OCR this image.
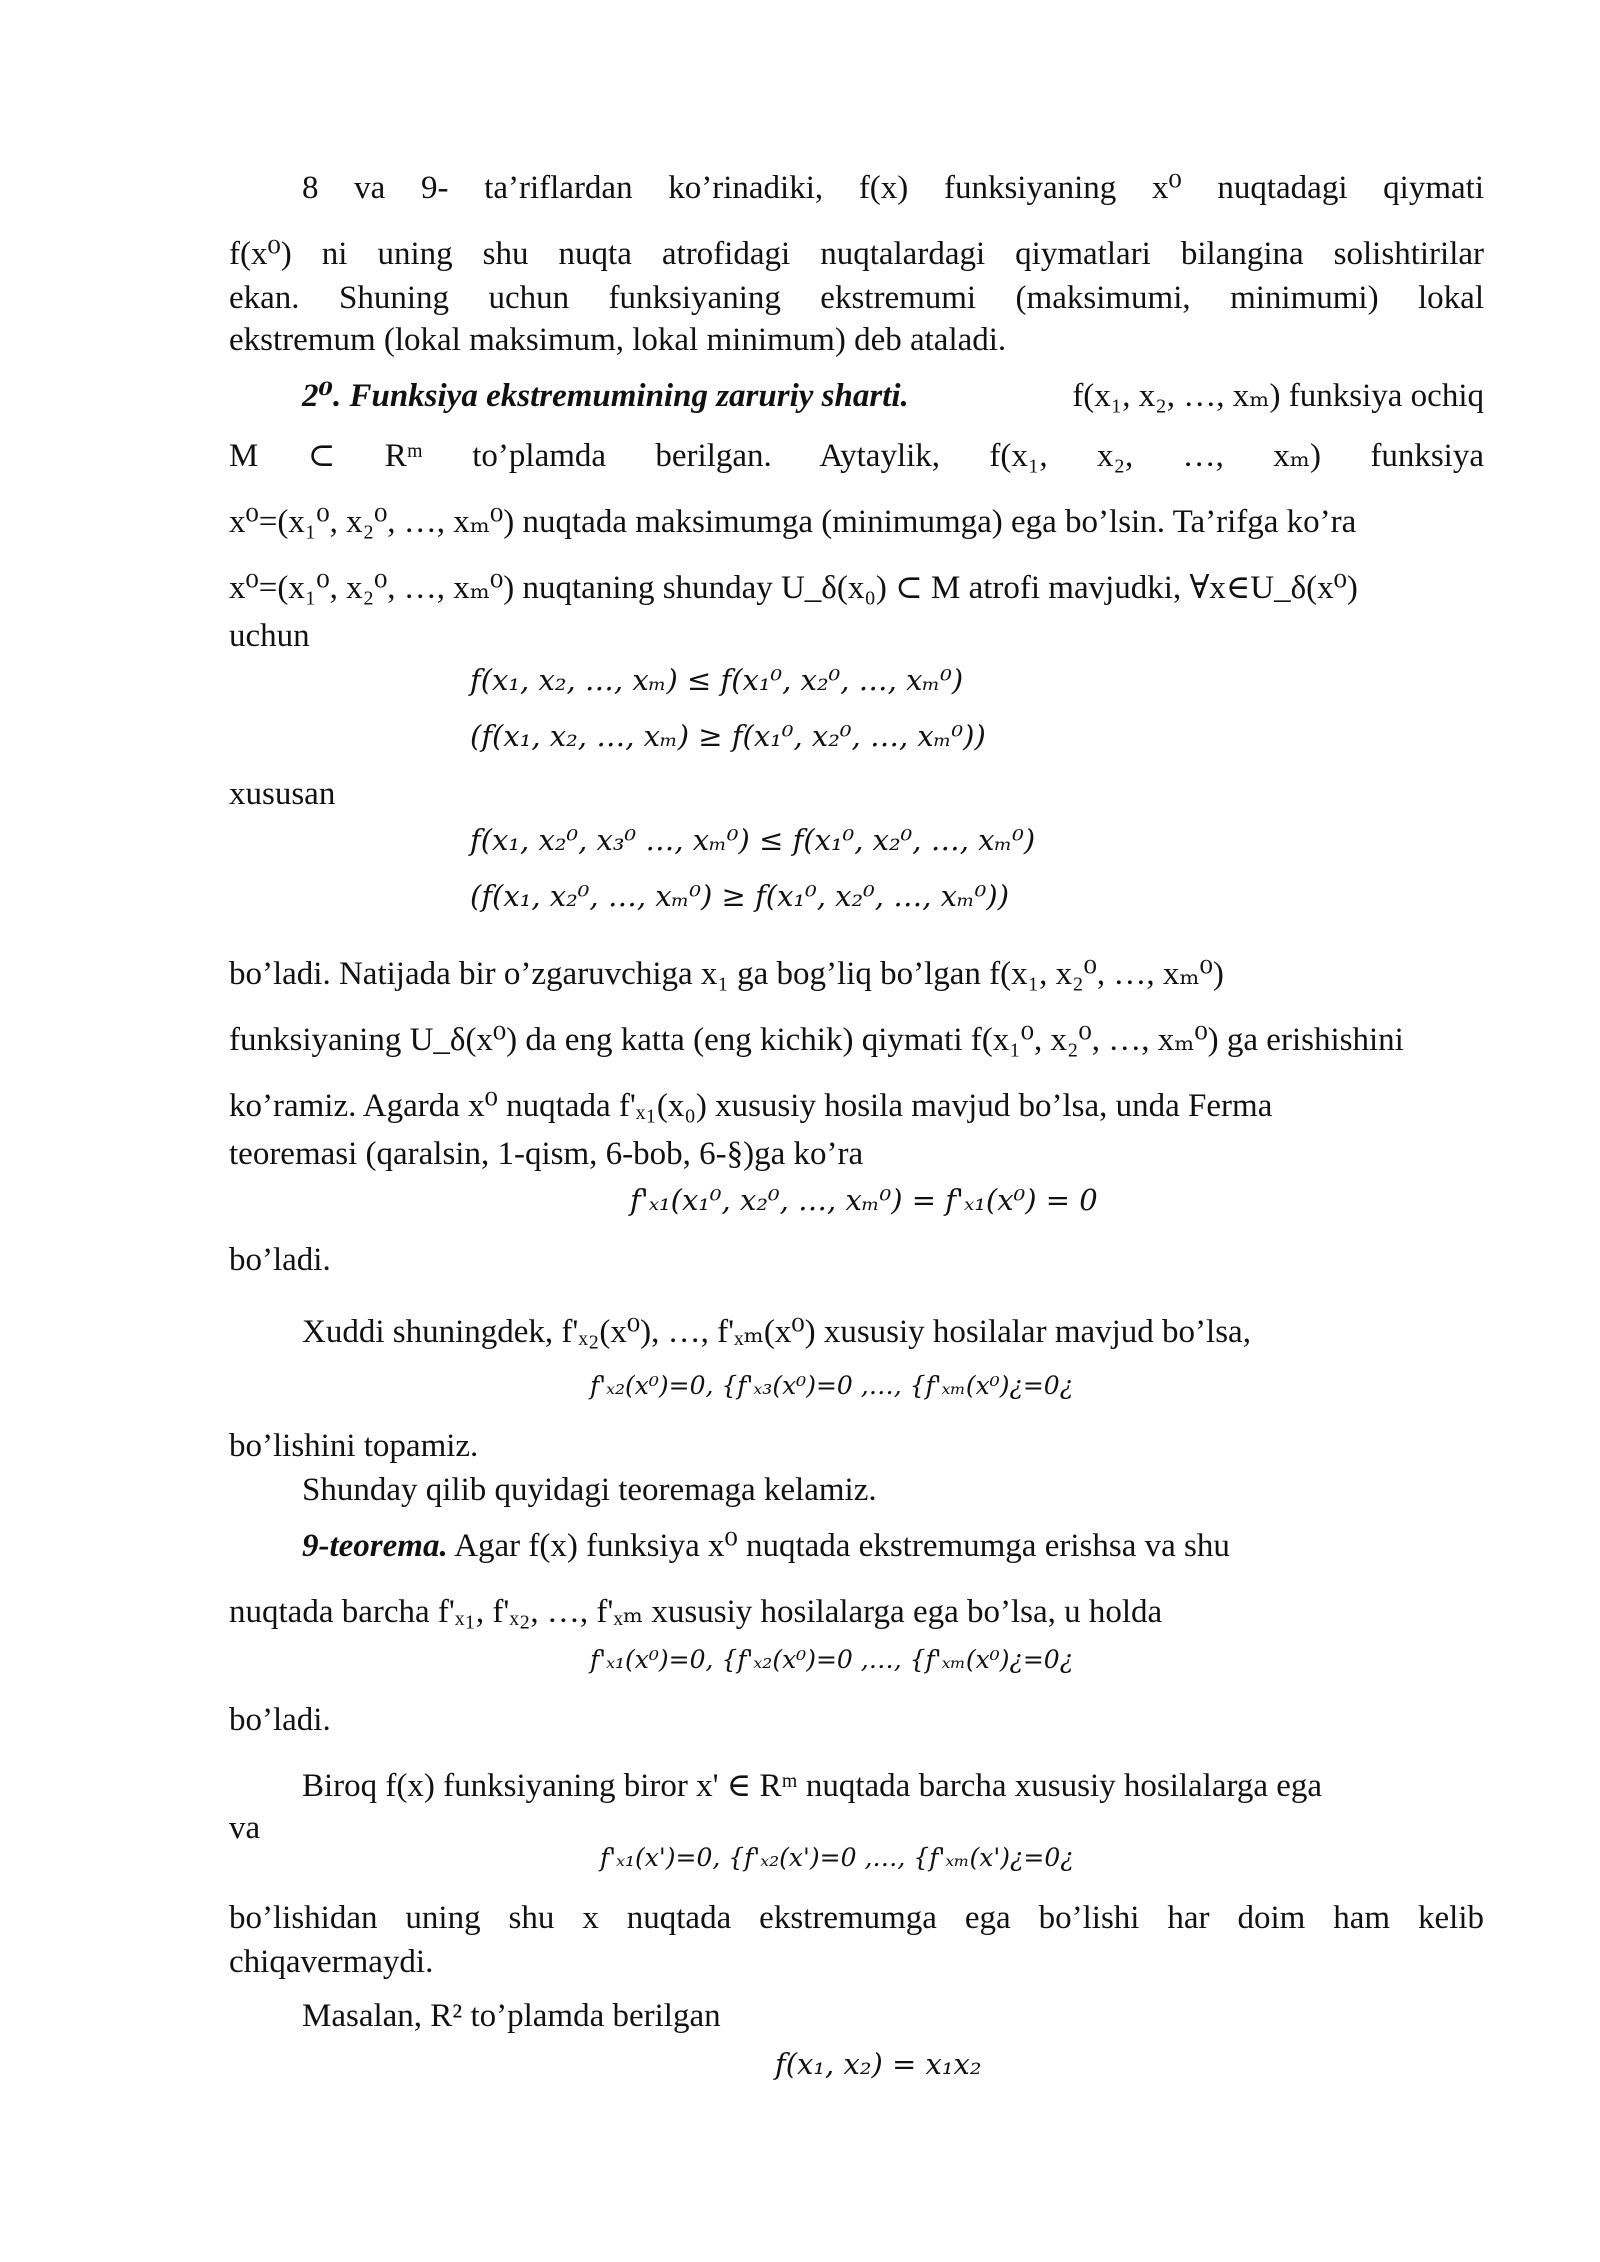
8 va 9- ta’riflardan ko’rinadiki, f(x) funksiyaning x⁰ nuqtadagi qiymati
f(x⁰) ni uning shu nuqta atrofidagi nuqtalardagi qiymatlari bilangina solishtirilar
ekan. Shuning uchun funksiyaning ekstremumi (maksimumi, minimumi) lokal
ekstremum (lokal maksimum, lokal minimum) deb ataladi.
2⁰. Funksiya ekstremumining zaruriy sharti.	f(x₁, x₂, …, xₘ) funksiya ochiq
M ⊂ Rᵐ to’plamda berilgan. Aytaylik, f(x₁, x₂, …, xₘ) funksiya
x⁰=(x₁⁰, x₂⁰, …, xₘ⁰) nuqtada maksimumga (minimumga) ega bo’lsin. Ta’rifga ko’ra
x⁰=(x₁⁰, x₂⁰, …, xₘ⁰) nuqtaning shunday U_δ(x₀) ⊂ M atrofi mavjudki, ∀x∈U_δ(x⁰)
uchun
f(x₁, x₂, …, xₘ) ≤ f(x₁⁰, x₂⁰, …, xₘ⁰)
(f(x₁, x₂, …, xₘ) ≥ f(x₁⁰, x₂⁰, …, xₘ⁰))
xususan
f(x₁, x₂⁰, x₃⁰ …, xₘ⁰) ≤ f(x₁⁰, x₂⁰, …, xₘ⁰)
(f(x₁, x₂⁰, …, xₘ⁰) ≥ f(x₁⁰, x₂⁰, …, xₘ⁰))
bo’ladi. Natijada bir o’zgaruvchiga x₁ ga bog’liq bo’lgan f(x₁, x₂⁰, …, xₘ⁰)
funksiyaning U_δ(x⁰) da eng katta (eng kichik) qiymati f(x₁⁰, x₂⁰, …, xₘ⁰) ga erishishini
ko’ramiz. Agarda x⁰ nuqtada f'ₓ₁(x₀) xususiy hosila mavjud bo’lsa, unda Ferma
teoremasi (qaralsin, 1-qism, 6-bob, 6-§)ga ko’ra
f'ₓ₁(x₁⁰, x₂⁰, …, xₘ⁰) = f'ₓ₁(x⁰) = 0
bo’ladi.
Xuddi shuningdek, f'ₓ₂(x⁰), …, f'ₓₘ(x⁰) xususiy hosilalar mavjud bo’lsa,
f'ₓ₂(x⁰)=0, {f'ₓ₃(x⁰)=0 ,…, {f'ₓₘ(x⁰)¿=0¿
bo’lishini topamiz.
Shunday qilib quyidagi teoremaga kelamiz.
9-teorema. Agar f(x) funksiya x⁰ nuqtada ekstremumga erishsa va shu
nuqtada barcha f'ₓ₁, f'ₓ₂, …, f'ₓₘ xususiy hosilalarga ega bo’lsa, u holda
f'ₓ₁(x⁰)=0, {f'ₓ₂(x⁰)=0 ,…, {f'ₓₘ(x⁰)¿=0¿
bo’ladi.
Biroq f(x) funksiyaning biror x' ∈ Rᵐ nuqtada barcha xususiy hosilalarga ega
va
f'ₓ₁(x')=0, {f'ₓ₂(x')=0 ,…, {f'ₓₘ(x')¿=0¿
bo’lishidan uning shu x nuqtada ekstremumga ega bo’lishi har doim ham kelib
chiqavermaydi.
Masalan, R² to’plamda berilgan
f(x₁, x₂) = x₁x₂
